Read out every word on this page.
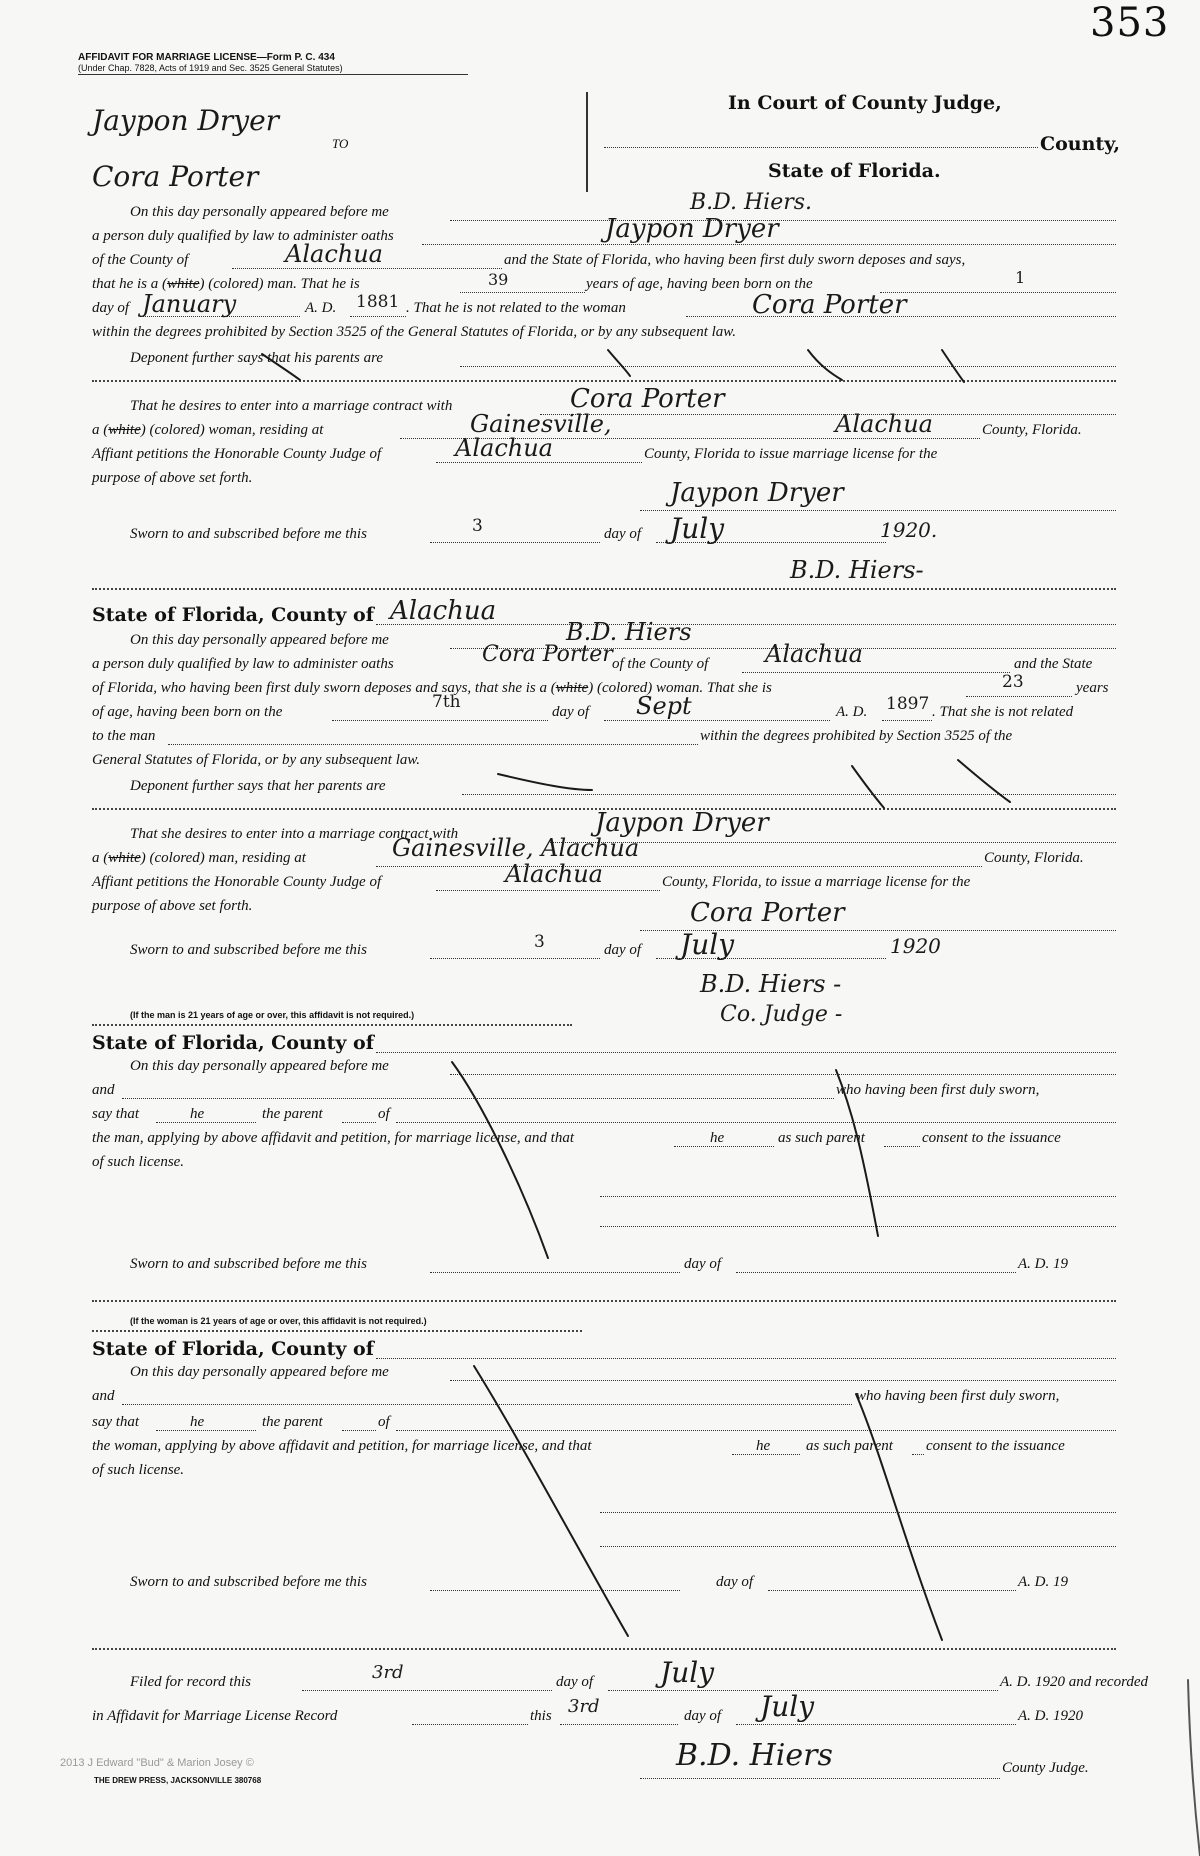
353
AFFIDAVIT FOR MARRIAGE LICENSE—Form P. C. 434
(Under Chap. 7828, Acts of 1919 and Sec. 3525 General Statutes)
Jaypon Dryer
TO
Cora Porter
In Court of County Judge,
County,
State of Florida.
On this day personally appeared before me	B.D. Hiers.
a person duly qualified by law to administer oaths	Jaypon Dryer
of the County of	Alachua	and the State of Florida, who having been first duly sworn deposes and says,
that he is a (white) (colored) man. That he is	39	years of age, having been born on the	1
day of January	A. D. 1881 . That he is not related to the woman	Cora Porter
within the degrees prohibited by Section 3525 of the General Statutes of Florida, or by any subsequent law.
Deponent further says that his parents are
That he desires to enter into a marriage contract with	Cora Porter
a (white) (colored) woman, residing at	Gainesville,	Alachua	County, Florida.
Affiant petitions the Honorable County Judge of	Alachua	County, Florida to issue marriage license for the
purpose of above set forth.	Jaypon Dryer
Sworn to and subscribed before me this	3	day of July	1920.
B.D. Hiers-
State of Florida, County of Alachua
On this day personally appeared before me	B.D. Hiers
a person duly qualified by law to administer oaths	Cora Porter of the County of Alachua	and the State
of Florida, who having been first duly sworn deposes and says, that she is a (white) (colored) woman. That she is	23	years
of age, having been born on the	7th	day of Sept	A. D. 1897 . That she is not related
to the man	within the degrees prohibited by Section 3525 of the
General Statutes of Florida, or by any subsequent law.
Deponent further says that her parents are
That she desires to enter into a marriage contract with	Jaypon Dryer
a (white) (colored) man, residing at	Gainesville, Alachua	County, Florida.
Affiant petitions the Honorable County Judge of	Alachua	County, Florida, to issue a marriage license for the
purpose of above set forth.	Cora Porter
Sworn to and subscribed before me this	3	day of July	1920
B.D. Hiers -
Co. Judge -
(If the man is 21 years of age or over, this affidavit is not required.)
State of Florida, County of
On this day personally appeared before me
and	who having been first duly sworn,
say that	he	the parent	of
the man, applying by above affidavit and petition, for marriage license, and that	he	as such parent	consent to the issuance
of such license.
Sworn to and subscribed before me this	day of	A. D. 19
(If the woman is 21 years of age or over, this affidavit is not required.)
State of Florida, County of
On this day personally appeared before me
and	who having been first duly sworn,
say that	he	the parent	of
the woman, applying by above affidavit and petition, for marriage license, and that	he as such parent consent to the issuance
of such license.
Sworn to and subscribed before me this	day of	A. D. 19
Filed for record this	3rd	day of July	A. D. 1920 and recorded
in Affidavit for Marriage License Record	this 3rd	day of July	A. D. 1920
B.D. Hiers	County Judge.
2013 J Edward "Bud" & Marion Josey ©
THE DREW PRESS, JACKSONVILLE 380768
